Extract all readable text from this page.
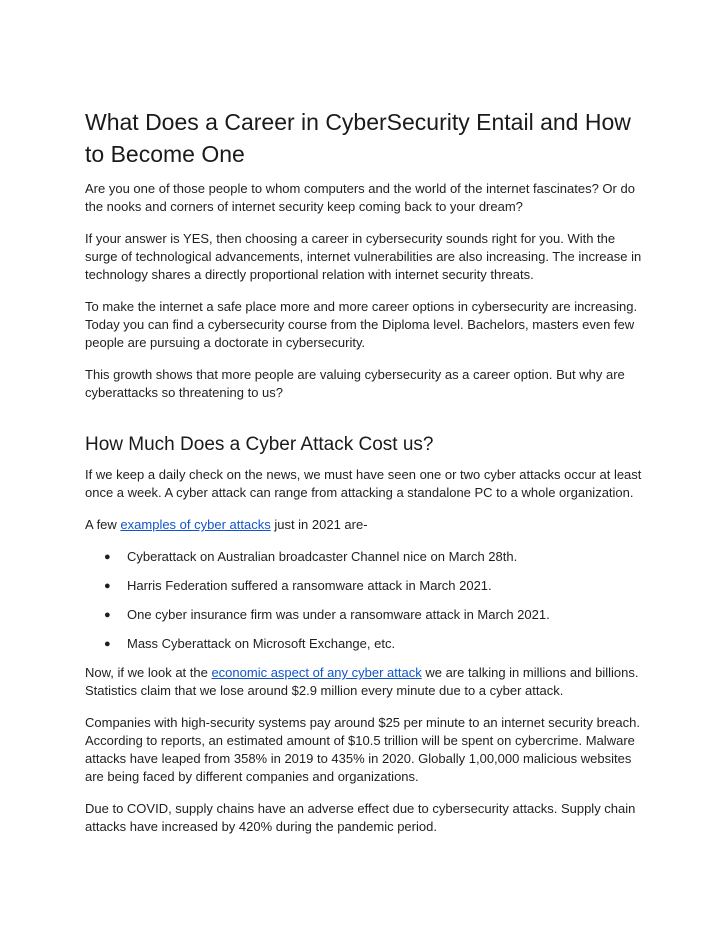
What Does a Career in CyberSecurity Entail and How to Become One

Are you one of those people to whom computers and the world of the internet fascinates? Or do the nooks and corners of internet security keep coming back to your dream?

If your answer is YES, then choosing a career in cybersecurity sounds right for you. With the surge of technological advancements, internet vulnerabilities are also increasing. The increase in technology shares a directly proportional relation with internet security threats.

To make the internet a safe place more and more career options in cybersecurity are increasing. Today you can find a cybersecurity course from the Diploma level. Bachelors, masters even few people are pursuing a doctorate in cybersecurity.

This growth shows that more people are valuing cybersecurity as a career option. But why are cyberattacks so threatening to us?

How Much Does a Cyber Attack Cost us?

If we keep a daily check on the news, we must have seen one or two cyber attacks occur at least once a week. A cyber attack can range from attacking a standalone PC to a whole organization.

A few examples of cyber attacks just in 2021 are-

● Cyberattack on Australian broadcaster Channel nice on March 28th.
● Harris Federation suffered a ransomware attack in March 2021.
● One cyber insurance firm was under a ransomware attack in March 2021.
● Mass Cyberattack on Microsoft Exchange, etc.

Now, if we look at the economic aspect of any cyber attack we are talking in millions and billions. Statistics claim that we lose around $2.9 million every minute due to a cyber attack.

Companies with high-security systems pay around $25 per minute to an internet security breach. According to reports, an estimated amount of $10.5 trillion will be spent on cybercrime. Malware attacks have leaped from 358% in 2019 to 435% in 2020. Globally 1,00,000 malicious websites are being faced by different companies and organizations.

Due to COVID, supply chains have an adverse effect due to cybersecurity attacks. Supply chain attacks have increased by 420% during the pandemic period.
